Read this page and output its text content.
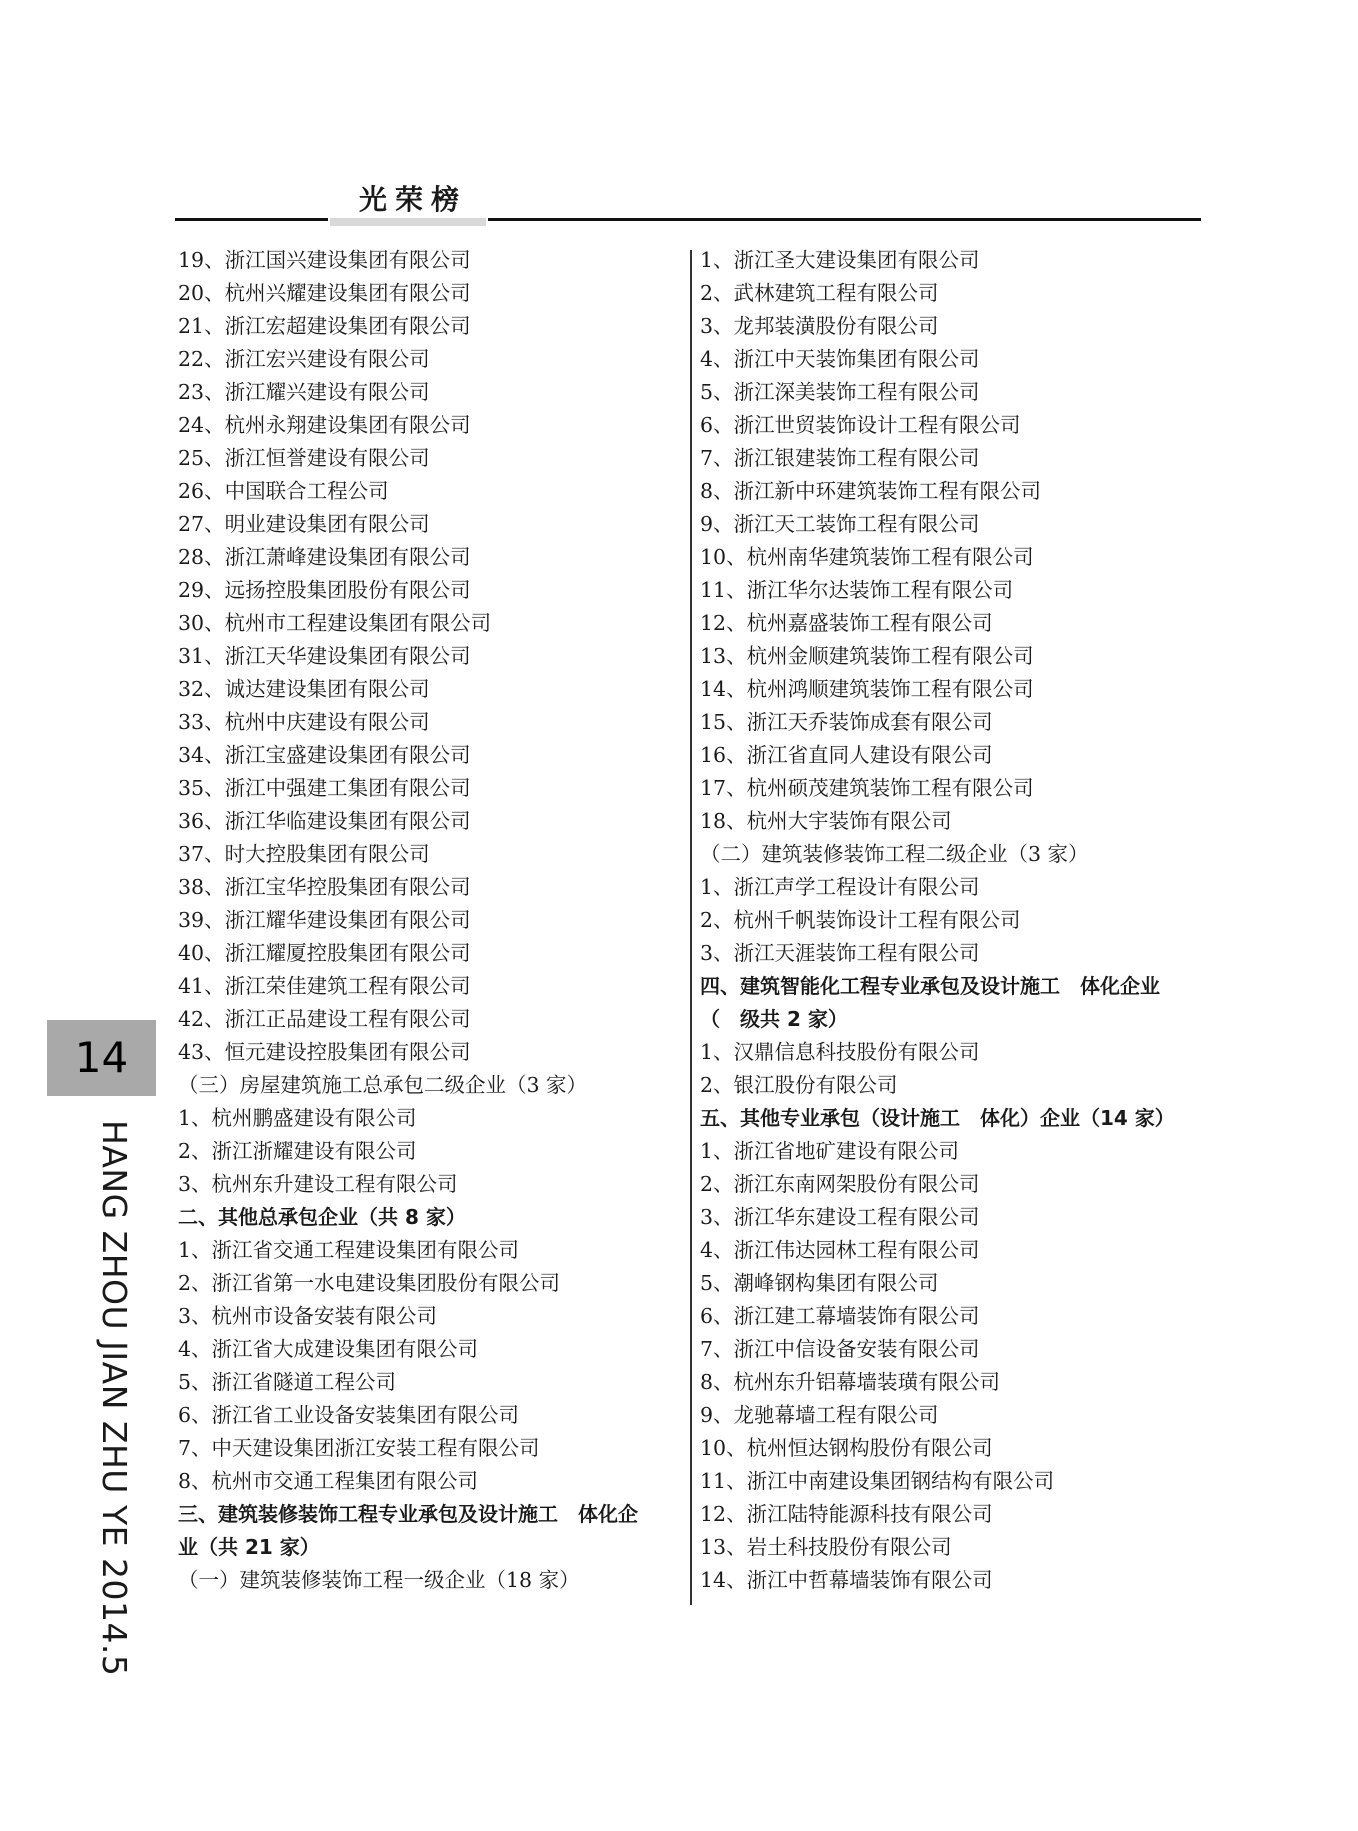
光荣榜
19、浙江国兴建设集团有限公司
20、杭州兴耀建设集团有限公司
21、浙江宏超建设集团有限公司
22、浙江宏兴建设有限公司
23、浙江耀兴建设有限公司
24、杭州永翔建设集团有限公司
25、浙江恒誉建设有限公司
26、中国联合工程公司
27、明业建设集团有限公司
28、浙江萧峰建设集团有限公司
29、远扬控股集团股份有限公司
30、杭州市工程建设集团有限公司
31、浙江天华建设集团有限公司
32、诚达建设集团有限公司
33、杭州中庆建设有限公司
34、浙江宝盛建设集团有限公司
35、浙江中强建工集团有限公司
36、浙江华临建设集团有限公司
37、时大控股集团有限公司
38、浙江宝华控股集团有限公司
39、浙江耀华建设集团有限公司
40、浙江耀厦控股集团有限公司
41、浙江荣佳建筑工程有限公司
42、浙江正品建设工程有限公司
43、恒元建设控股集团有限公司
（三）房屋建筑施工总承包二级企业（3 家）
1、杭州鹏盛建设有限公司
2、浙江浙耀建设有限公司
3、杭州东升建设工程有限公司
二、其他总承包企业（共 8 家）
1、浙江省交通工程建设集团有限公司
2、浙江省第一水电建设集团股份有限公司
3、杭州市设备安装有限公司
4、浙江省大成建设集团有限公司
5、浙江省隧道工程公司
6、浙江省工业设备安装集团有限公司
7、中天建设集团浙江安装工程有限公司
8、杭州市交通工程集团有限公司
三、建筑装修装饰工程专业承包及设计施工　体化企
业（共 21 家）
（一）建筑装修装饰工程一级企业（18 家）
1、浙江圣大建设集团有限公司
2、武林建筑工程有限公司
3、龙邦装潢股份有限公司
4、浙江中天装饰集团有限公司
5、浙江深美装饰工程有限公司
6、浙江世贸装饰设计工程有限公司
7、浙江银建装饰工程有限公司
8、浙江新中环建筑装饰工程有限公司
9、浙江天工装饰工程有限公司
10、杭州南华建筑装饰工程有限公司
11、浙江华尔达装饰工程有限公司
12、杭州嘉盛装饰工程有限公司
13、杭州金顺建筑装饰工程有限公司
14、杭州鸿顺建筑装饰工程有限公司
15、浙江天乔装饰成套有限公司
16、浙江省直同人建设有限公司
17、杭州硕茂建筑装饰工程有限公司
18、杭州大宇装饰有限公司
（二）建筑装修装饰工程二级企业（3 家）
1、浙江声学工程设计有限公司
2、杭州千帆装饰设计工程有限公司
3、浙江天涯装饰工程有限公司
四、建筑智能化工程专业承包及设计施工　体化企业
（　级共 2 家）
1、汉鼎信息科技股份有限公司
2、银江股份有限公司
五、其他专业承包（设计施工　体化）企业（14 家）
1、浙江省地矿建设有限公司
2、浙江东南网架股份有限公司
3、浙江华东建设工程有限公司
4、浙江伟达园林工程有限公司
5、潮峰钢构集团有限公司
6、浙江建工幕墙装饰有限公司
7、浙江中信设备安装有限公司
8、杭州东升铝幕墙装璜有限公司
9、龙驰幕墙工程有限公司
10、杭州恒达钢构股份有限公司
11、浙江中南建设集团钢结构有限公司
12、浙江陆特能源科技有限公司
13、岩土科技股份有限公司
14、浙江中哲幕墙装饰有限公司
14
HANG ZHOU JIAN ZHU YE 2014.5
